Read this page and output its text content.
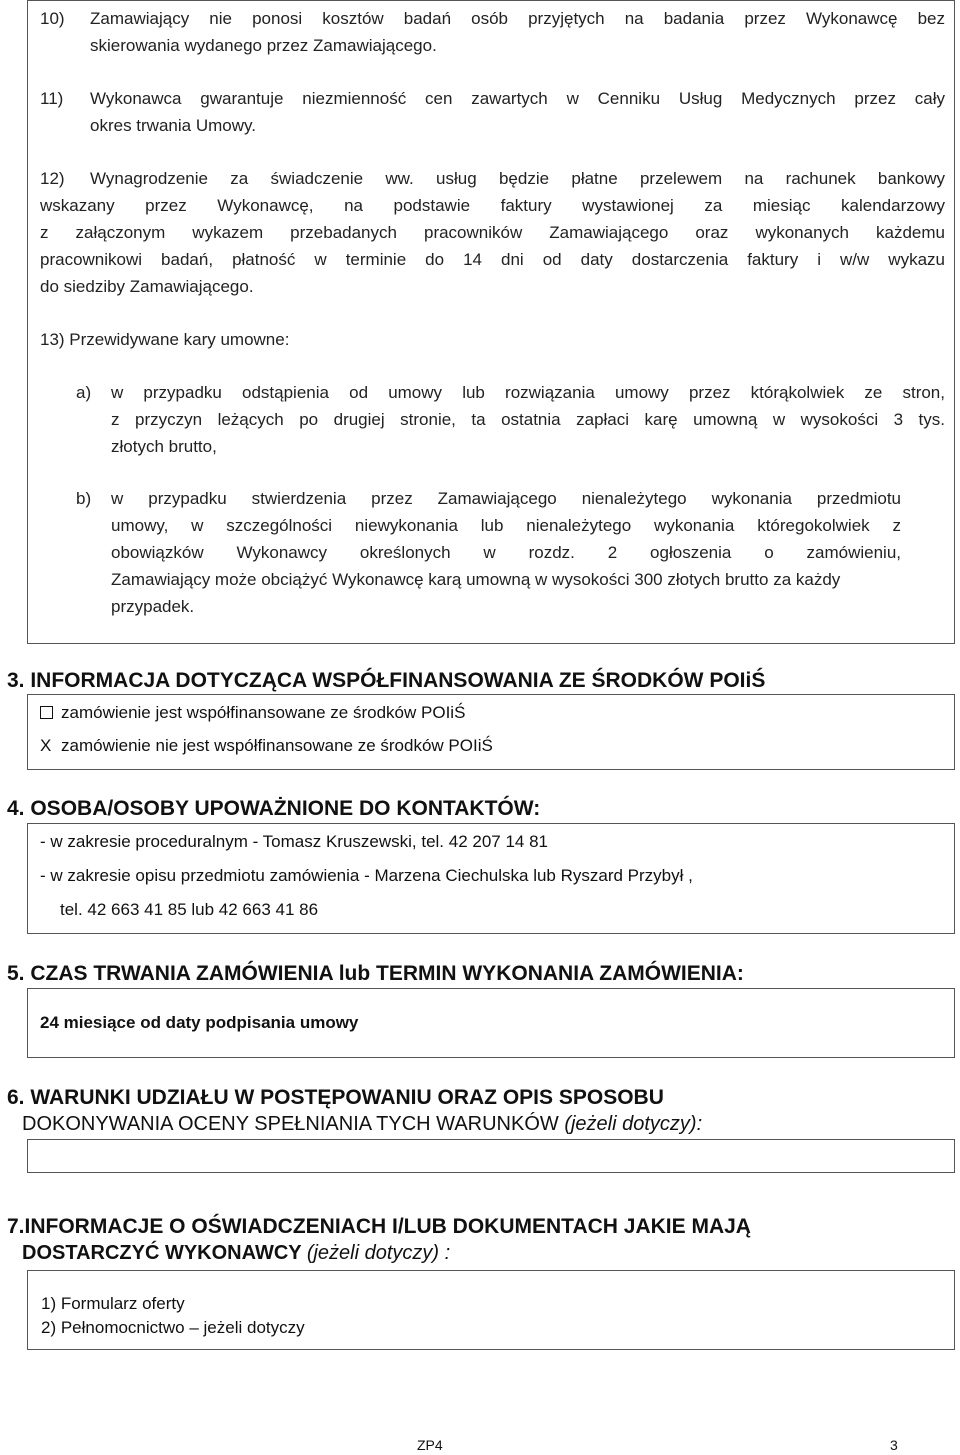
10) Zamawiający nie ponosi kosztów badań osób przyjętych na badania przez Wykonawcę bez
skierowania wydanego przez Zamawiającego.
11) Wykonawca gwarantuje niezmienność cen zawartych w Cenniku Usług Medycznych przez cały
okres trwania Umowy.
12) Wynagrodzenie za świadczenie ww. usług będzie płatne przelewem na rachunek bankowy
wskazany przez Wykonawcę, na podstawie faktury wystawionej za miesiąc kalendarzowy
z załączonym wykazem przebadanych pracowników Zamawiającego oraz wykonanych każdemu
pracownikowi badań, płatność w terminie do 14 dni od daty dostarczenia faktury i w/w wykazu
do siedziby Zamawiającego.
13) Przewidywane kary umowne:
a) w przypadku odstąpienia od umowy lub rozwiązania umowy przez którąkolwiek ze stron,
z przyczyn leżących po drugiej stronie, ta ostatnia zapłaci karę umowną w wysokości 3 tys.
złotych brutto,
b) w przypadku stwierdzenia przez Zamawiającego nienależytego wykonania przedmiotu
umowy, w szczególności niewykonania lub nienależytego wykonania któregokolwiek z
obowiązków Wykonawcy określonych w rozdz. 2 ogłoszenia o zamówieniu,
Zamawiający może obciążyć Wykonawcę karą umowną w wysokości 300 złotych brutto za każdy przypadek.
3. INFORMACJA DOTYCZĄCA WSPÓŁFINANSOWANIA ZE ŚRODKÓW POIiŚ
zamówienie jest współfinansowane ze środków POIiŚ
X zamówienie nie jest współfinansowane ze środków POIiŚ
4. OSOBA/OSOBY UPOWAŻNIONE DO KONTAKTÓW:
- w zakresie proceduralnym - Tomasz Kruszewski, tel. 42 207 14 81
- w zakresie opisu przedmiotu zamówienia - Marzena Ciechulska lub Ryszard Przybył ,
tel. 42 663 41 85 lub 42 663 41 86
5. CZAS TRWANIA ZAMÓWIENIA lub TERMIN WYKONANIA ZAMÓWIENIA:
24 miesiące od daty podpisania umowy
6. WARUNKI UDZIAŁU W POSTĘPOWANIU ORAZ OPIS SPOSOBU
DOKONYWANIA OCENY SPEŁNIANIA TYCH WARUNKÓW (jeżeli dotyczy):
7.INFORMACJE O OŚWIADCZENIACH I/LUB DOKUMENTACH JAKIE MAJĄ
DOSTARCZYĆ WYKONAWCY (jeżeli dotyczy) :
1) Formularz oferty
2) Pełnomocnictwo – jeżeli dotyczy
ZP4	3
